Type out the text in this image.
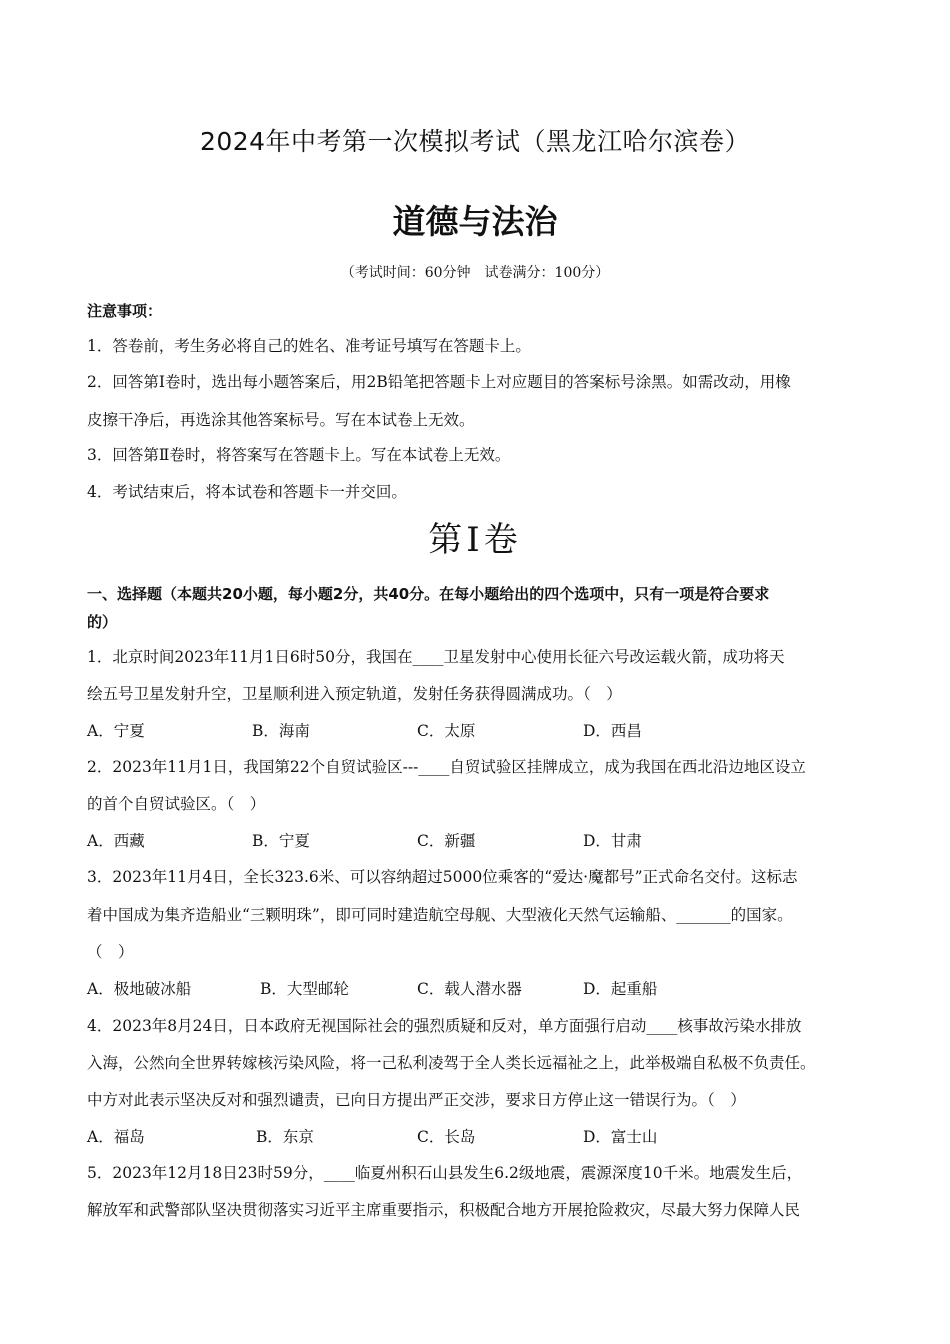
2024年中考第一次模拟考试（黑龙江哈尔滨卷）
道德与法治
（考试时间：60分钟　试卷满分：100分）
注意事项：
1．答卷前，考生务必将自己的姓名、准考证号填写在答题卡上。
2．回答第Ⅰ卷时，选出每小题答案后，用2B铅笔把答题卡上对应题目的答案标号涂黑。如需改动，用橡
皮擦干净后，再选涂其他答案标号。写在本试卷上无效。
3．回答第Ⅱ卷时，将答案写在答题卡上。写在本试卷上无效。
4．考试结束后，将本试卷和答题卡一并交回。
第Ⅰ卷
一、选择题（本题共20小题，每小题2分，共40分。在每小题给出的四个选项中，只有一项是符合要求
的）
1．北京时间2023年11月1日6时50分，我国在____卫星发射中心使用长征六号改运载火箭，成功将天
绘五号卫星发射升空，卫星顺利进入预定轨道，发射任务获得圆满成功。（　）
A．宁夏	B．海南	C．太原	D．西昌
2．2023年11月1日，我国第22个自贸试验区---____自贸试验区挂牌成立，成为我国在西北沿边地区设立
的首个自贸试验区。（　）
A．西藏	B．宁夏	C．新疆	D．甘肃
3．2023年11月4日，全长323.6米、可以容纳超过5000位乘客的“爱达·魔都号”正式命名交付。这标志
着中国成为集齐造船业“三颗明珠”，即可同时建造航空母舰、大型液化天然气运输船、_______的国家。
（　）
A．极地破冰船	B．大型邮轮	C．载人潜水器	D．起重船
4．2023年8月24日，日本政府无视国际社会的强烈质疑和反对，单方面强行启动____核事故污染水排放
入海，公然向全世界转嫁核污染风险，将一己私利凌驾于全人类长远福祉之上，此举极端自私极不负责任。
中方对此表示坚决反对和强烈谴责，已向日方提出严正交涉，要求日方停止这一错误行为。（　）
A．福岛	B．东京	C．长岛	D．富士山
5．2023年12月18日23时59分，____临夏州积石山县发生6.2级地震，震源深度10千米。地震发生后，
解放军和武警部队坚决贯彻落实习近平主席重要指示，积极配合地方开展抢险救灾，尽最大努力保障人民
